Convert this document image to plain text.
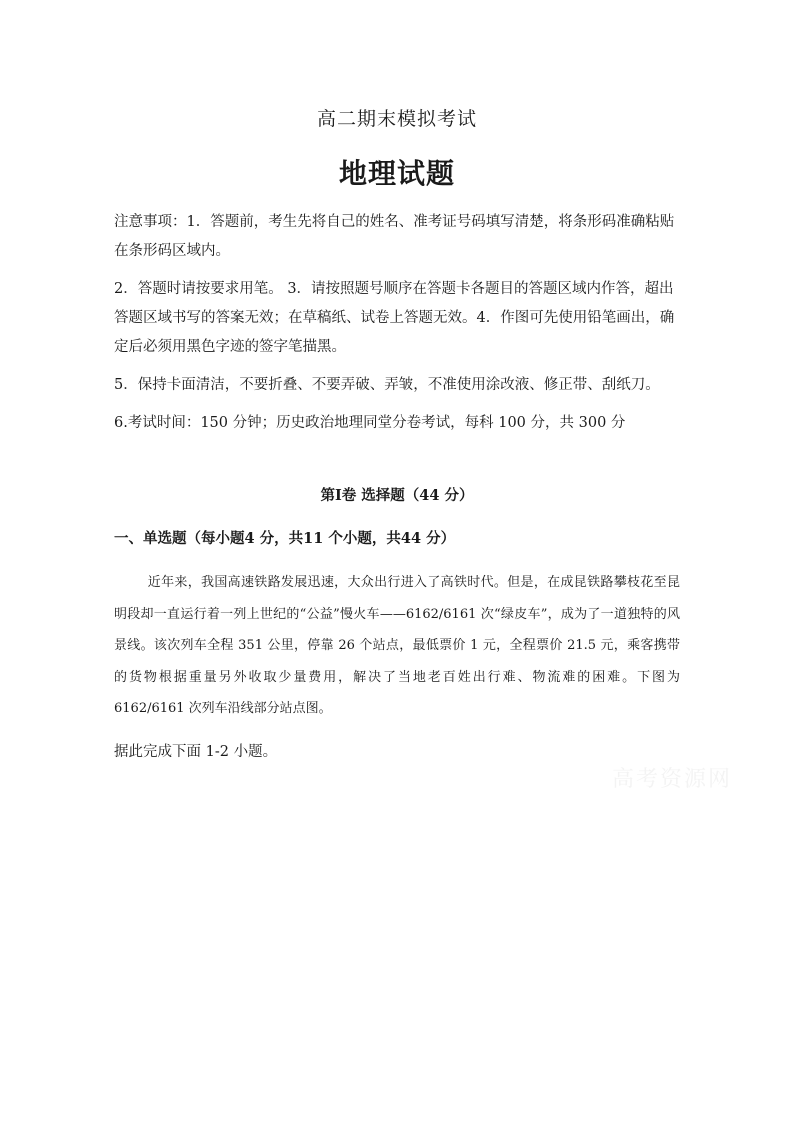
高二期末模拟考试
地理试题

注意事项：1．答题前，考生先将自己的姓名、准考证号码填写清楚，将条形码准确粘贴在条形码区域内。

2．答题时请按要求用笔。 3．请按照题号顺序在答题卡各题目的答题区域内作答，超出答题区域书写的答案无效；在草稿纸、试卷上答题无效。4．作图可先使用铅笔画出，确定后必须用黑色字迹的签字笔描黑。

5．保持卡面清洁，不要折叠、不要弄破、弄皱，不准使用涂改液、修正带、刮纸刀。

6.考试时间：150 分钟；历史政治地理同堂分卷考试，每科 100 分，共 300 分

第Ⅰ卷 选择题（44 分）
一、单选题（每小题4 分，共11 个小题，共44 分）
近年来，我国高速铁路发展迅速，大众出行进入了高铁时代。但是，在成昆铁路攀枝花至昆明段却一直运行着一列上世纪的“公益”慢火车——6162/6161 次“绿皮车”，成为了一道独特的风景线。该次列车全程 351 公里，停靠 26 个站点，最低票价 1 元，全程票价 21.5 元，乘客携带的货物根据重量另外收取少量费用，解决了当地老百姓出行难、物流难的困难。下图为 6162/6161 次列车沿线部分站点图。
据此完成下面 1-2 小题。
高考资源网
